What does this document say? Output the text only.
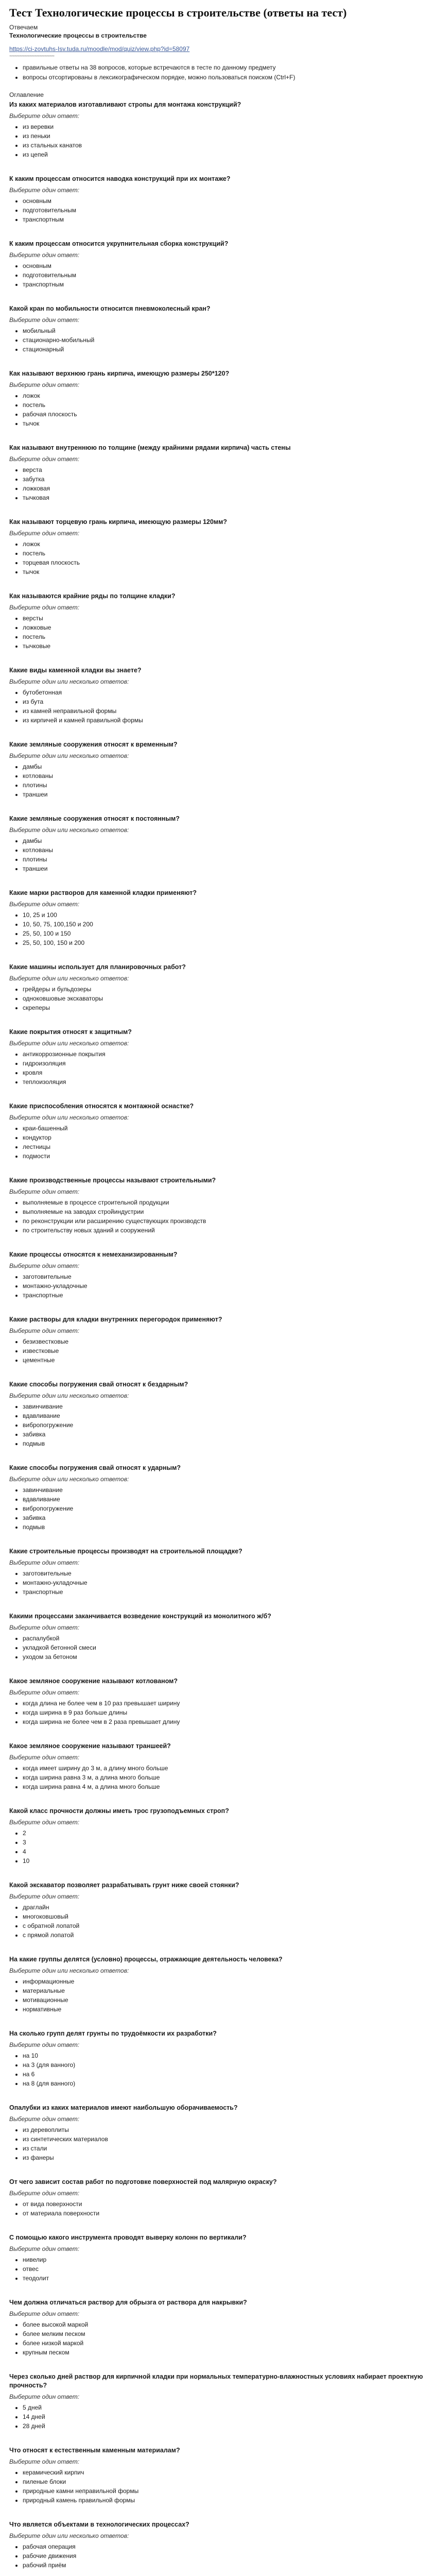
Тест Технологические процессы в строительстве (ответы на тест)
Отвечаем
Технологические процессы в строительстве
https://ci-zovtuhs-Isv.tuda.ru/moodle/mod/quiz/view.php?id=58097
~~~~~~~~~~~~~~~~~~
• правильные ответы на 38 вопросов, которые встречаются в тесте по данному предмету
• вопросы отсортированы в лексикографическом порядке, можно пользоваться поиском (Ctrl+F)
Оглавление
Из каких материалов изготавливают стропы для монтажа конструкций?
Выберите один ответ:
• из веревки
• из пеньки
• из стальных канатов
• из цепей
К каким процессам относится наводка конструкций при их монтаже?
Выберите один ответ:
• основным
• подготовительным
• транспортным
К каким процессам относится укрупнительная сборка конструкций?
Выберите один ответ:
• основным
• подготовительным
• транспортным
Какой кран по мобильности относится пневмоколесный кран?
Выберите один ответ:
• мобильный
• стационарно-мобильный
• стационарный
Как называют верхнюю грань кирпича, имеющую размеры 250*120?
Выберите один ответ:
• ложок
• постель
• рабочая плоскость
• тычок
Как называют внутреннюю по толщине (между крайними рядами кирпича) часть стены
Выберите один ответ:
• верста
• забутка
• ложковая
• тычковая
Как называют торцевую грань кирпича, имеющую размеры 120мм?
Выберите один ответ:
• ложок
• постель
• торцевая плоскость
• тычок
Как называются крайние ряды по толщине кладки?
Выберите один ответ:
• версты
• ложковые
• постель
• тычковые
Какие виды каменной кладки вы знаете?
Выберите один или несколько ответов:
• бутобетонная
• из бута
• из камней неправильной формы
• из кирпичей и камней правильной формы
Какие земляные сооружения относят к временным?
Выберите один или несколько ответов:
• дамбы
• котлованы
• плотины
• траншеи
Какие земляные сооружения относят к постоянным?
Выберите один или несколько ответов:
• дамбы
• котлованы
• плотины
• траншеи
Какие марки растворов для каменной кладки применяют?
Выберите один ответ:
• 10, 25 и 100
• 10, 50, 75, 100,150 и 200
• 25, 50, 100 и 150
• 25, 50, 100, 150 и 200
Какие машины использует для планировочных работ?
Выберите один или несколько ответов:
• грейдеры и бульдозеры
• одноковшовые экскаваторы
• скреперы
Какие покрытия относят к защитным?
Выберите один или несколько ответов:
• антикоррозионные покрытия
• гидроизоляция
• кровля
• теплоизоляция
Какие приспособления относятся к монтажной оснастке?
Выберите один или несколько ответов:
• краи-башенный
• кондуктор
• лестницы
• подмости
Какие производственные процессы называют строительными?
Выберите один ответ:
• выполняемые в процессе строительной продукции
• выполняемые на заводах стройиндустрии
• по реконструкции или расширению существующих производств
• по строительству новых зданий и сооружений
Какие процессы относятся к немеханизированным?
Выберите один ответ:
• заготовительные
• монтажно-укладочные
• транспортные
Какие растворы для кладки внутренних перегородок применяют?
Выберите один ответ:
• безизвестковые
• известковые
• цементные
Какие способы погружения свай относят к бездарным?
Выберите один или несколько ответов:
• завинчивание
• вдавливание
• вибропогружение
• забивка
• подмыв
Какие способы погружения свай относят к ударным?
Выберите один или несколько ответов:
• завинчивание
• вдавливание
• вибропогружение
• забивка
• подмыв
Какие строительные процессы производят на строительной площадке?
Выберите один ответ:
• заготовительные
• монтажно-укладочные
• транспортные
Какими процессами заканчивается возведение конструкций из монолитного ж/б?
Выберите один ответ:
• распалубкой
• укладкой бетонной смеси
• уходом за бетоном
Какое земляное сооружение называют котлованом?
Выберите один ответ:
• когда длина не более чем в 10 раз превышает ширину
• когда ширина в 9 раз больше длины
• когда ширина не более чем в 2 раза превышает длину
Какое земляное сооружение называют траншеей?
Выберите один ответ:
• когда имеет ширину до 3 м, а длину много больше
• когда ширина равна 3 м, а длина много больше
• когда ширина равна 4 м, а длина много больше
Какой класс прочности должны иметь трос грузоподъемных строп?
Выберите один ответ:
• 2
• 3
• 4
• 10
Какой экскаватор позволяет разрабатывать грунт ниже своей стоянки?
Выберите один ответ:
• драглайн
• многоковшовый
• с обратной лопатой
• с прямой лопатой
На какие группы делятся (условно) процессы, отражающие деятельность человека?
Выберите один или несколько ответов:
• информационные
• материальные
• мотивационные
• нормативные
На сколько групп делят грунты по трудоёмкости их разработки?
Выберите один ответ:
• на 10
• на 3 (для ванного)
• на 6
• на 8 (для ванного)
Опалубки из каких материалов имеют наибольшую оборачиваемость?
Выберите один ответ:
• из деревоплиты
• из синтетических материалов
• из стали
• из фанеры
От чего зависит состав работ по подготовке поверхностей под малярную окраску?
Выберите один ответ:
• от вида поверхности
• от материала поверхности
С помощью какого инструмента проводят выверку колонн по вертикали?
Выберите один ответ:
• нивелир
• отвес
• теодолит
Чем должна отличаться раствор для обрызга от раствора для накрывки?
Выберите один ответ:
• более высокой маркой
• более мелким песком
• более низкой маркой
• крупным песком
Через сколько дней раствор для кирпичной кладки при нормальных температурно-влажностных условиях набирает проектную прочность?
Выберите один ответ:
• 5 дней
• 14 дней
• 28 дней
Что относят к естественным каменным материалам?
Выберите один ответ:
• керамический кирпич
• пиленые блоки
• природные камни неправильной формы
• природный камень правильной формы
Что является объектами в технологических процессах?
Выберите один или несколько ответов:
• рабочая операция
• рабочие движения
• рабочий приём
